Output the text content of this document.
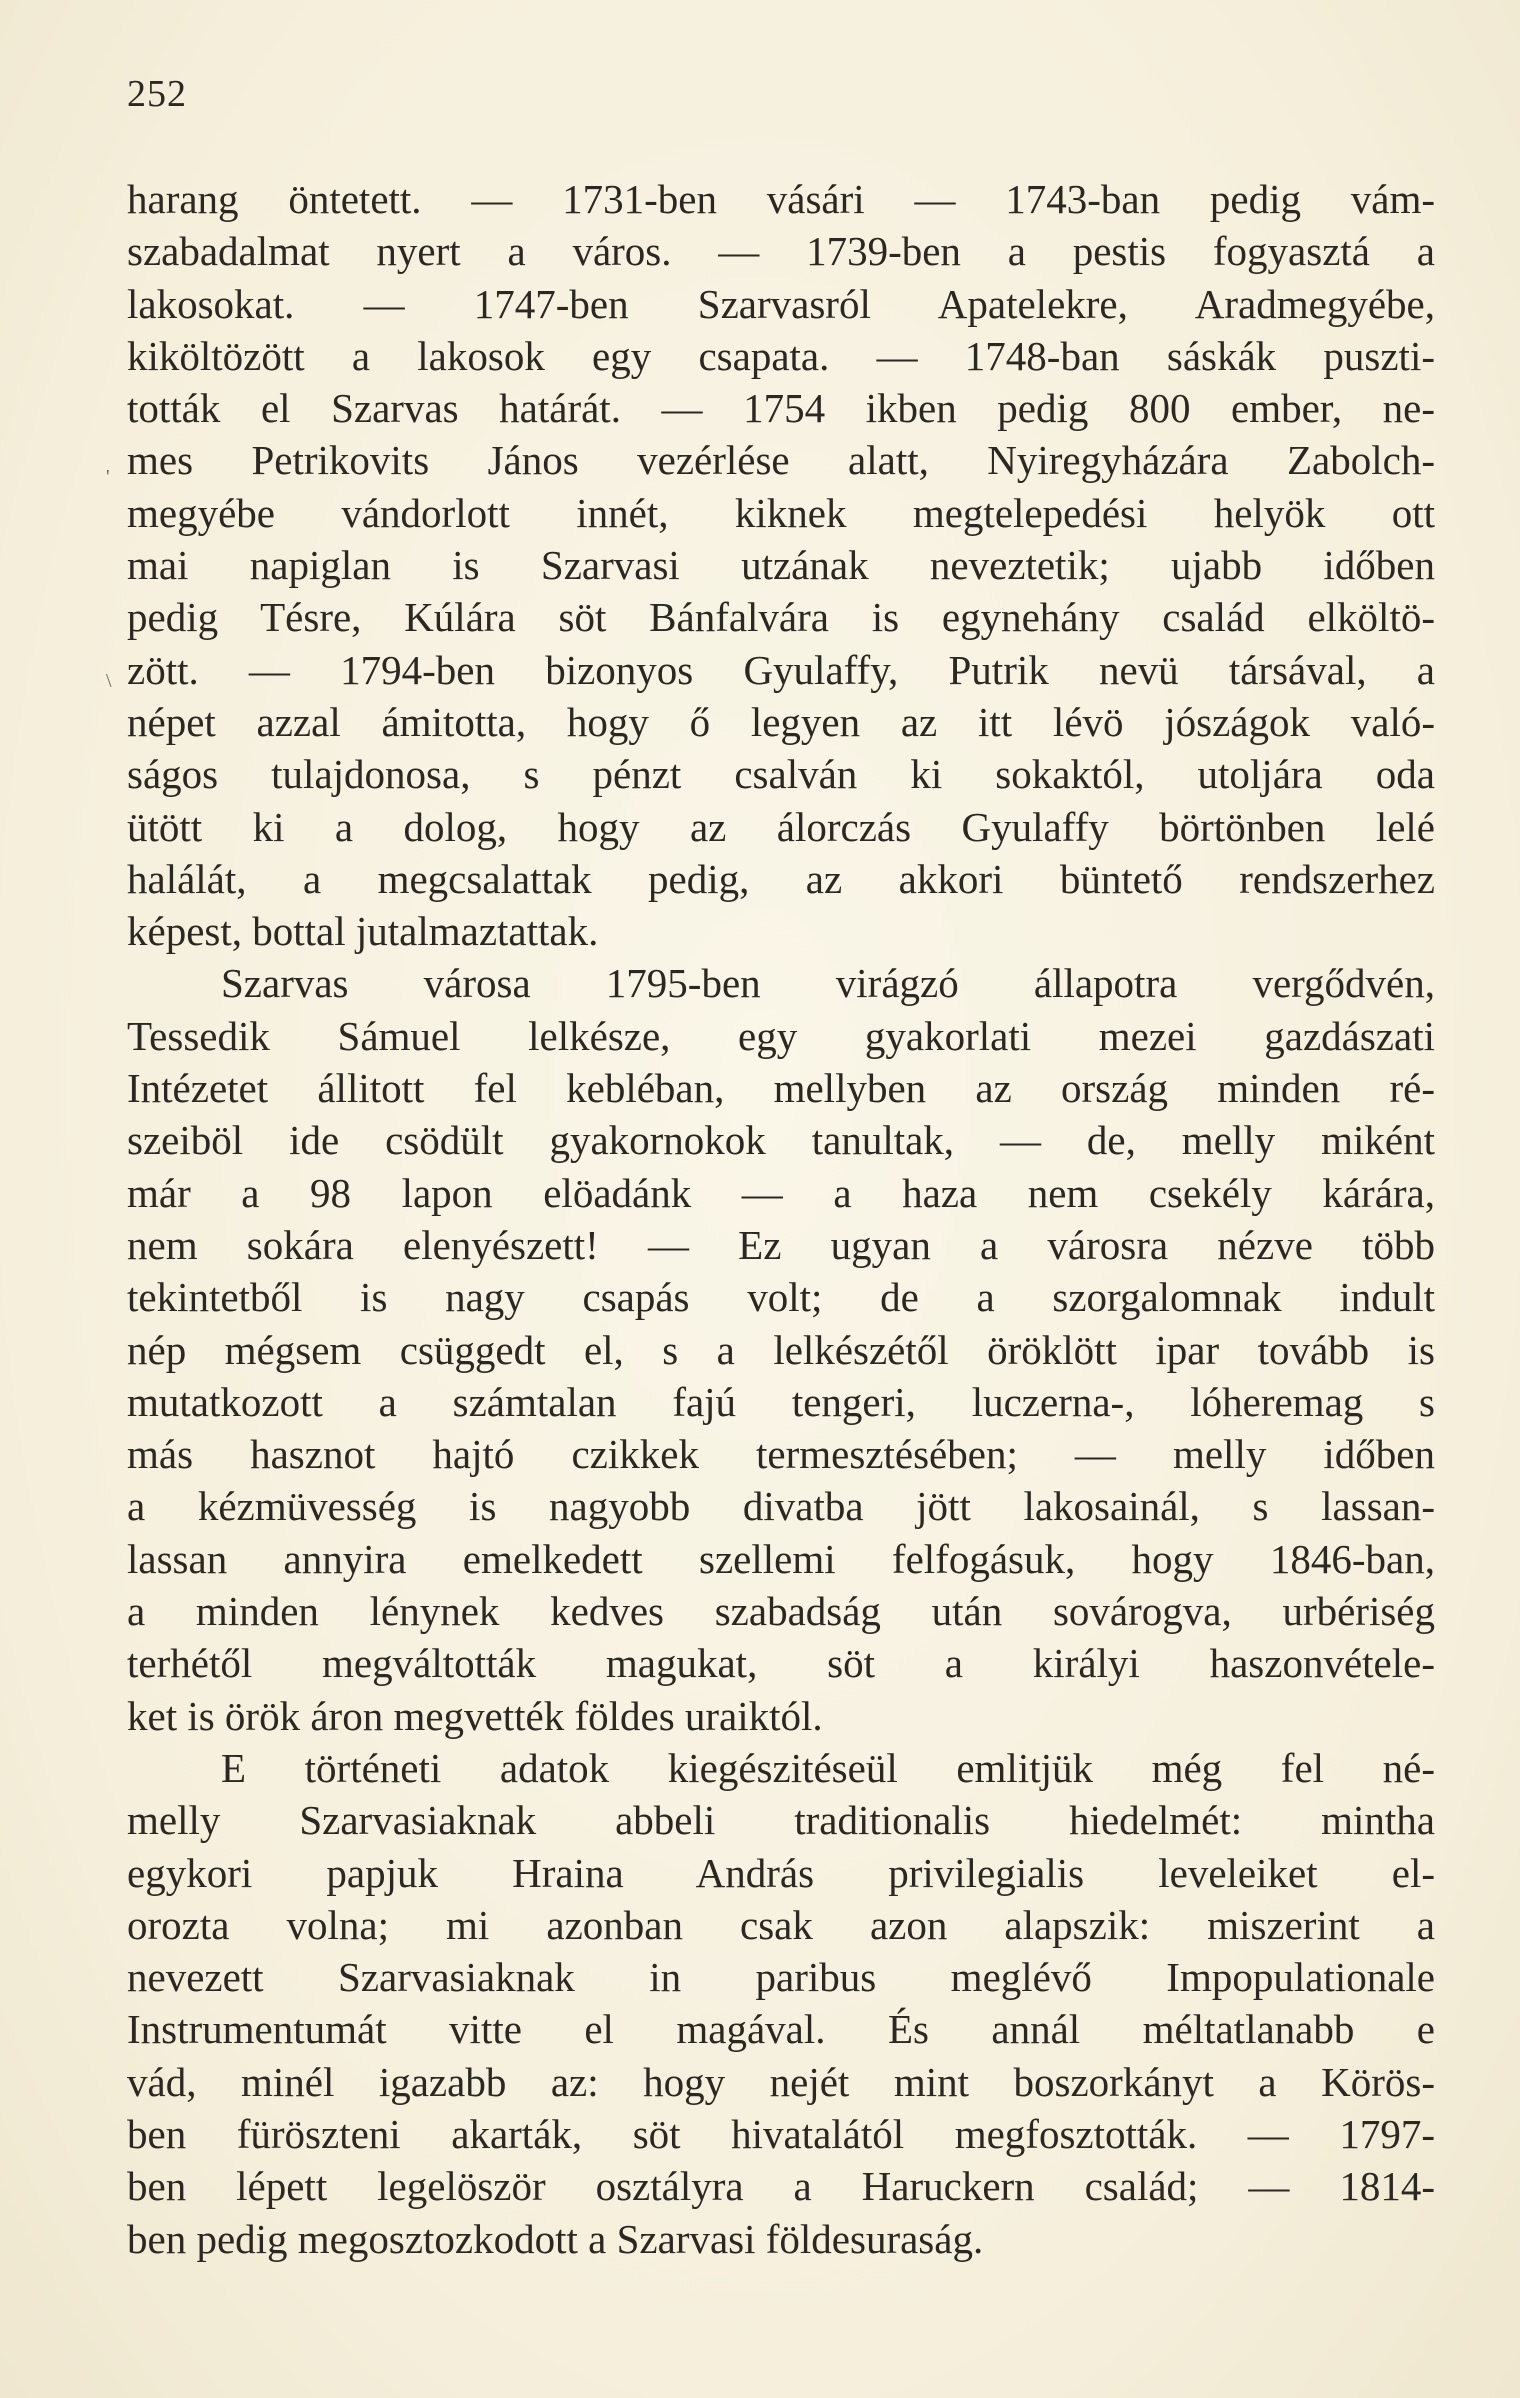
252
'
\
harang öntetett. — 1731-ben vásári — 1743-ban pedig vám-
szabadalmat nyert a város. — 1739-ben a pestis fogyasztá a
lakosokat. — 1747-ben Szarvasról Apatelekre, Aradmegyébe,
kiköltözött a lakosok egy csapata. — 1748-ban sáskák puszti-
tották el Szarvas határát. — 1754 ikben pedig 800 ember, ne-
mes Petrikovits János vezérlése alatt, Nyiregyházára Zabolch-
megyébe vándorlott innét, kiknek megtelepedési helyök ott
mai napiglan is Szarvasi utzának neveztetik; ujabb időben
pedig Tésre, Kúlára söt Bánfalvára is egynehány család elköltö-
zött. — 1794-ben bizonyos Gyulaffy, Putrik nevü társával, a
népet azzal ámitotta, hogy ő legyen az itt lévö jószágok való-
ságos tulajdonosa, s pénzt csalván ki sokaktól, utoljára oda
ütött ki a dolog, hogy az álorczás Gyulaffy börtönben lelé
halálát, a megcsalattak pedig, az akkori büntető rendszerhez
képest, bottal jutalmaztattak.
Szarvas városa 1795-ben virágzó állapotra vergődvén,
Tessedik Sámuel lelkésze, egy gyakorlati mezei gazdászati
Intézetet állitott fel kebléban, mellyben az ország minden ré-
szeiböl ide csödült gyakornokok tanultak, — de, melly miként
már a 98 lapon elöadánk — a haza nem csekély kárára,
nem sokára elenyészett! — Ez ugyan a városra nézve több
tekintetből is nagy csapás volt; de a szorgalomnak indult
nép mégsem csüggedt el, s a lelkészétől öröklött ipar tovább is
mutatkozott a számtalan fajú tengeri, luczerna-, lóheremag s
más hasznot hajtó czikkek termesztésében; — melly időben
a kézmüvesség is nagyobb divatba jött lakosainál, s lassan-
lassan annyira emelkedett szellemi felfogásuk, hogy 1846-ban,
a minden lénynek kedves szabadság után sovárogva, urbériség
terhétől megváltották magukat, söt a királyi haszonvétele-
ket is örök áron megvették földes uraiktól.
E történeti adatok kiegészitéseül emlitjük még fel né-
melly Szarvasiaknak abbeli traditionalis hiedelmét: mintha
egykori papjuk Hraina András privilegialis leveleiket el-
orozta volna; mi azonban csak azon alapszik: miszerint a
nevezett Szarvasiaknak in paribus meglévő Impopulationale
Instrumentumát vitte el magával. És annál méltatlanabb e
vád, minél igazabb az: hogy nejét mint boszorkányt a Körös-
ben füröszteni akarták, söt hivatalától megfosztották. — 1797-
ben lépett legelöször osztályra a Haruckern család; — 1814-
ben pedig megosztozkodott a Szarvasi földesuraság.
